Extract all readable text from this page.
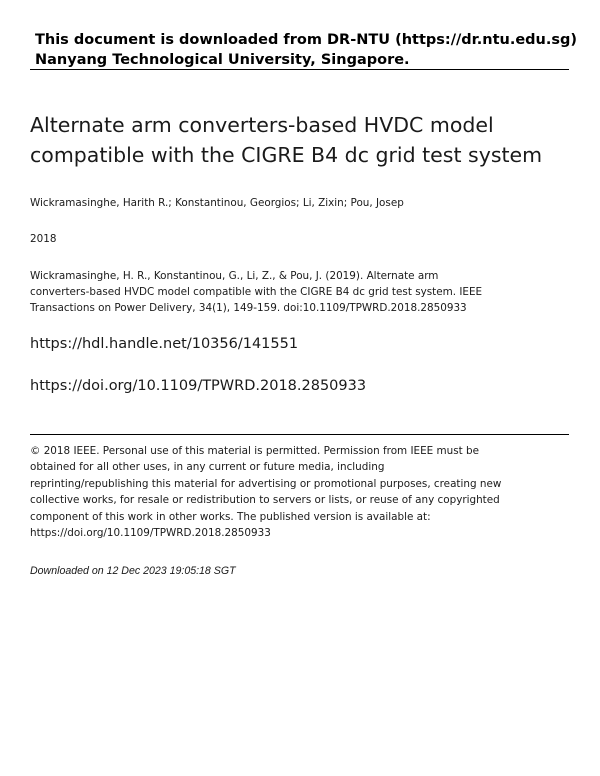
This document is downloaded from DR-NTU (https://dr.ntu.edu.sg)
Nanyang Technological University, Singapore.
Alternate arm converters-based HVDC model
compatible with the CIGRE B4 dc grid test system
Wickramasinghe, Harith R.; Konstantinou, Georgios; Li, Zixin; Pou, Josep
2018
Wickramasinghe, H. R., Konstantinou, G., Li, Z., & Pou, J. (2019). Alternate arm
converters-based HVDC model compatible with the CIGRE B4 dc grid test system. IEEE
Transactions on Power Delivery, 34(1), 149-159. doi:10.1109/TPWRD.2018.2850933
https://hdl.handle.net/10356/141551
https://doi.org/10.1109/TPWRD.2018.2850933
© 2018 IEEE. Personal use of this material is permitted. Permission from IEEE must be
obtained for all other uses, in any current or future media, including
reprinting/republishing this material for advertising or promotional purposes, creating new
collective works, for resale or redistribution to servers or lists, or reuse of any copyrighted
component of this work in other works. The published version is available at:
https://doi.org/10.1109/TPWRD.2018.2850933
Downloaded on 12 Dec 2023 19:05:18 SGT
